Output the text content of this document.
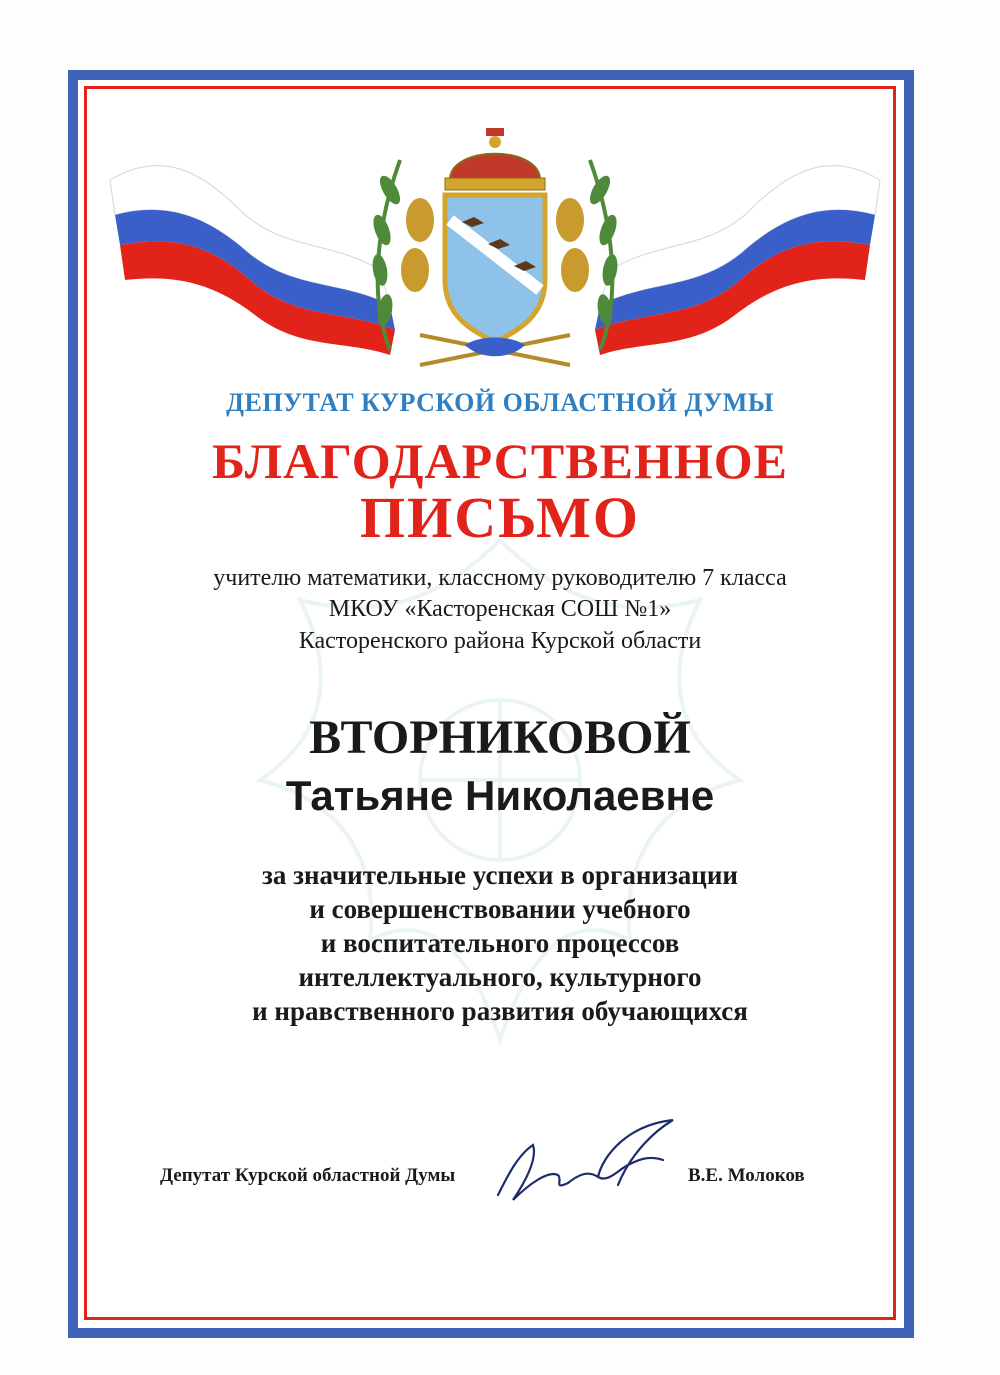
ДЕПУТАТ КУРСКОЙ ОБЛАСТНОЙ ДУМЫ
БЛАГОДАРСТВЕННОЕ
ПИСЬМО
учителю математики, классному руководителю 7 класса
МКОУ «Касторенская СОШ №1»
Касторенского района Курской области
ВТОРНИКОВОЙ
Татьяне Николаевне
за значительные успехи в организации
и совершенствовании учебного
и воспитательного процессов
интеллектуального, культурного
и нравственного развития обучающихся
Депутат Курской областной Думы	В.Е. Молоков
